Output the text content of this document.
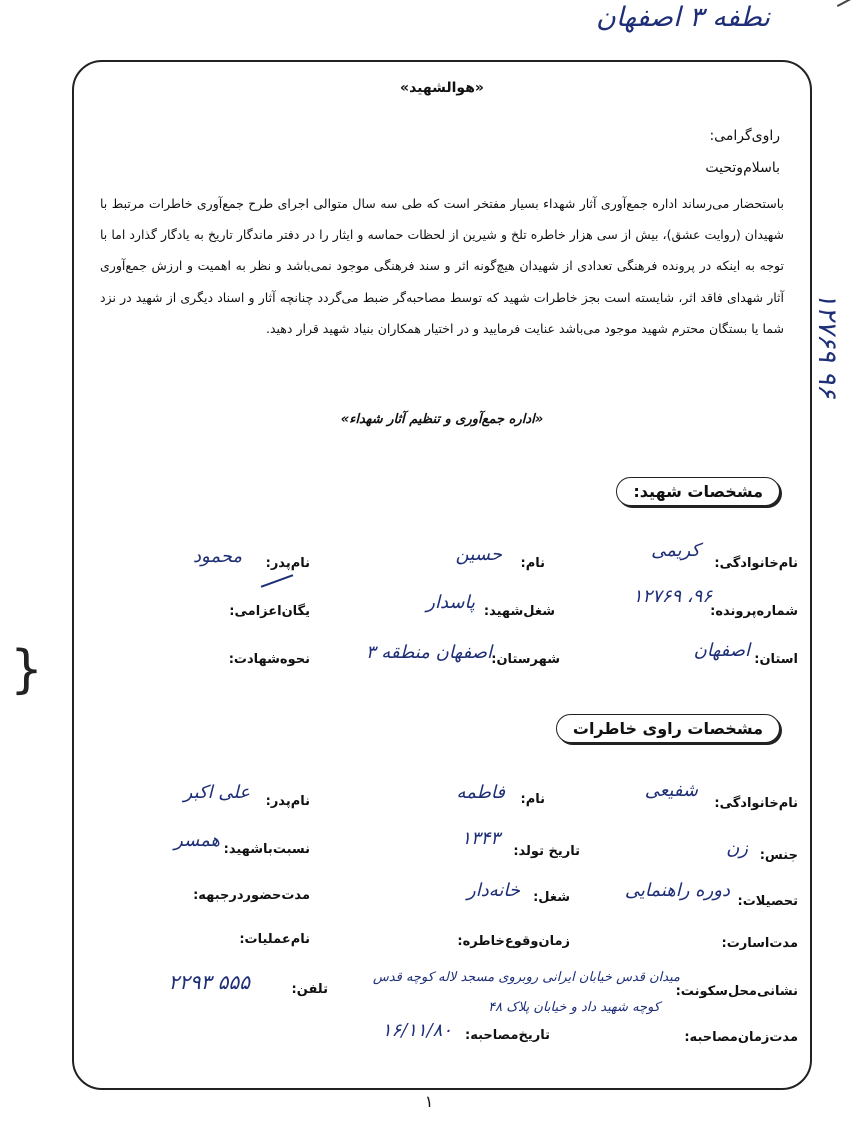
نطفه ۳ اصفهان
۹۶ ۱۲۷۶۹
{
«هوالشهید»
راوی‌گرامی:
باسلام‌وتحیت
باستحضار می‌رساند اداره جمع‌آوری آثار شهداء بسیار مفتخر است که طی سه سال متوالی اجرای طرح جمع‌آوری خاطرات مرتبط با شهیدان (روایت عشق)، بیش از سی هزار خاطره تلخ و شیرین از لحظات حماسه و ایثار را در دفتر ماندگار تاریخ به یادگار گذارد اما با توجه به اینکه در پرونده فرهنگی تعدادی از شهیدان هیچ‌گونه اثر و سند فرهنگی موجود نمی‌باشد و نظر به اهمیت و ارزش جمع‌آوری آثار شهدای فاقد اثر، شایسته است بجز خاطرات شهید که توسط مصاحبه‌گر ضبط می‌گردد چنانچه آثار و اسناد دیگری از شهید در نزد شما یا بستگان محترم شهید موجود می‌باشد عنایت فرمایید و در اختیار همکاران بنیاد شهید قرار دهید.
«اداره جمع‌آوری و تنظیم آثار شهداء»
مشخصات شهید:
نام‌خانوادگی:
کریمی
نام:
حسین
نام‌پدر:
محمود
شماره‌پرونده:
۹۶، ۱۲۷۶۹
شغل‌شهید:
پاسدار
یگان‌اعزامی:
استان:
اصفهان
شهرستان:
اصفهان منطقه ۳
نحوه‌شهادت:
مشخصات راوی خاطرات
نام‌خانوادگی:
شفیعی
نام:
فاطمه
نام‌پدر:
علی اکبر
جنس:
زن
تاریخ تولد:
۱۳۴۳
نسبت‌باشهید:
همسر
تحصیلات:
دوره راهنمایی
شغل:
خانه‌دار
مدت‌حضوردرجبهه:
مدت‌اسارت:
زمان‌وقوع‌خاطره:
نام‌عملیات:
نشانی‌محل‌سکونت:
میدان قدس خیابان ایرانی روبروی مسجد لاله کوچه قدس
کوچه شهید داد و خیابان پلاک ۴۸
تلفن:
۵۵۵ ۲۲۹۳
مدت‌زمان‌مصاحبه:
تاریخ‌مصاحبه:
۱۶/۱۱/۸۰
۱
